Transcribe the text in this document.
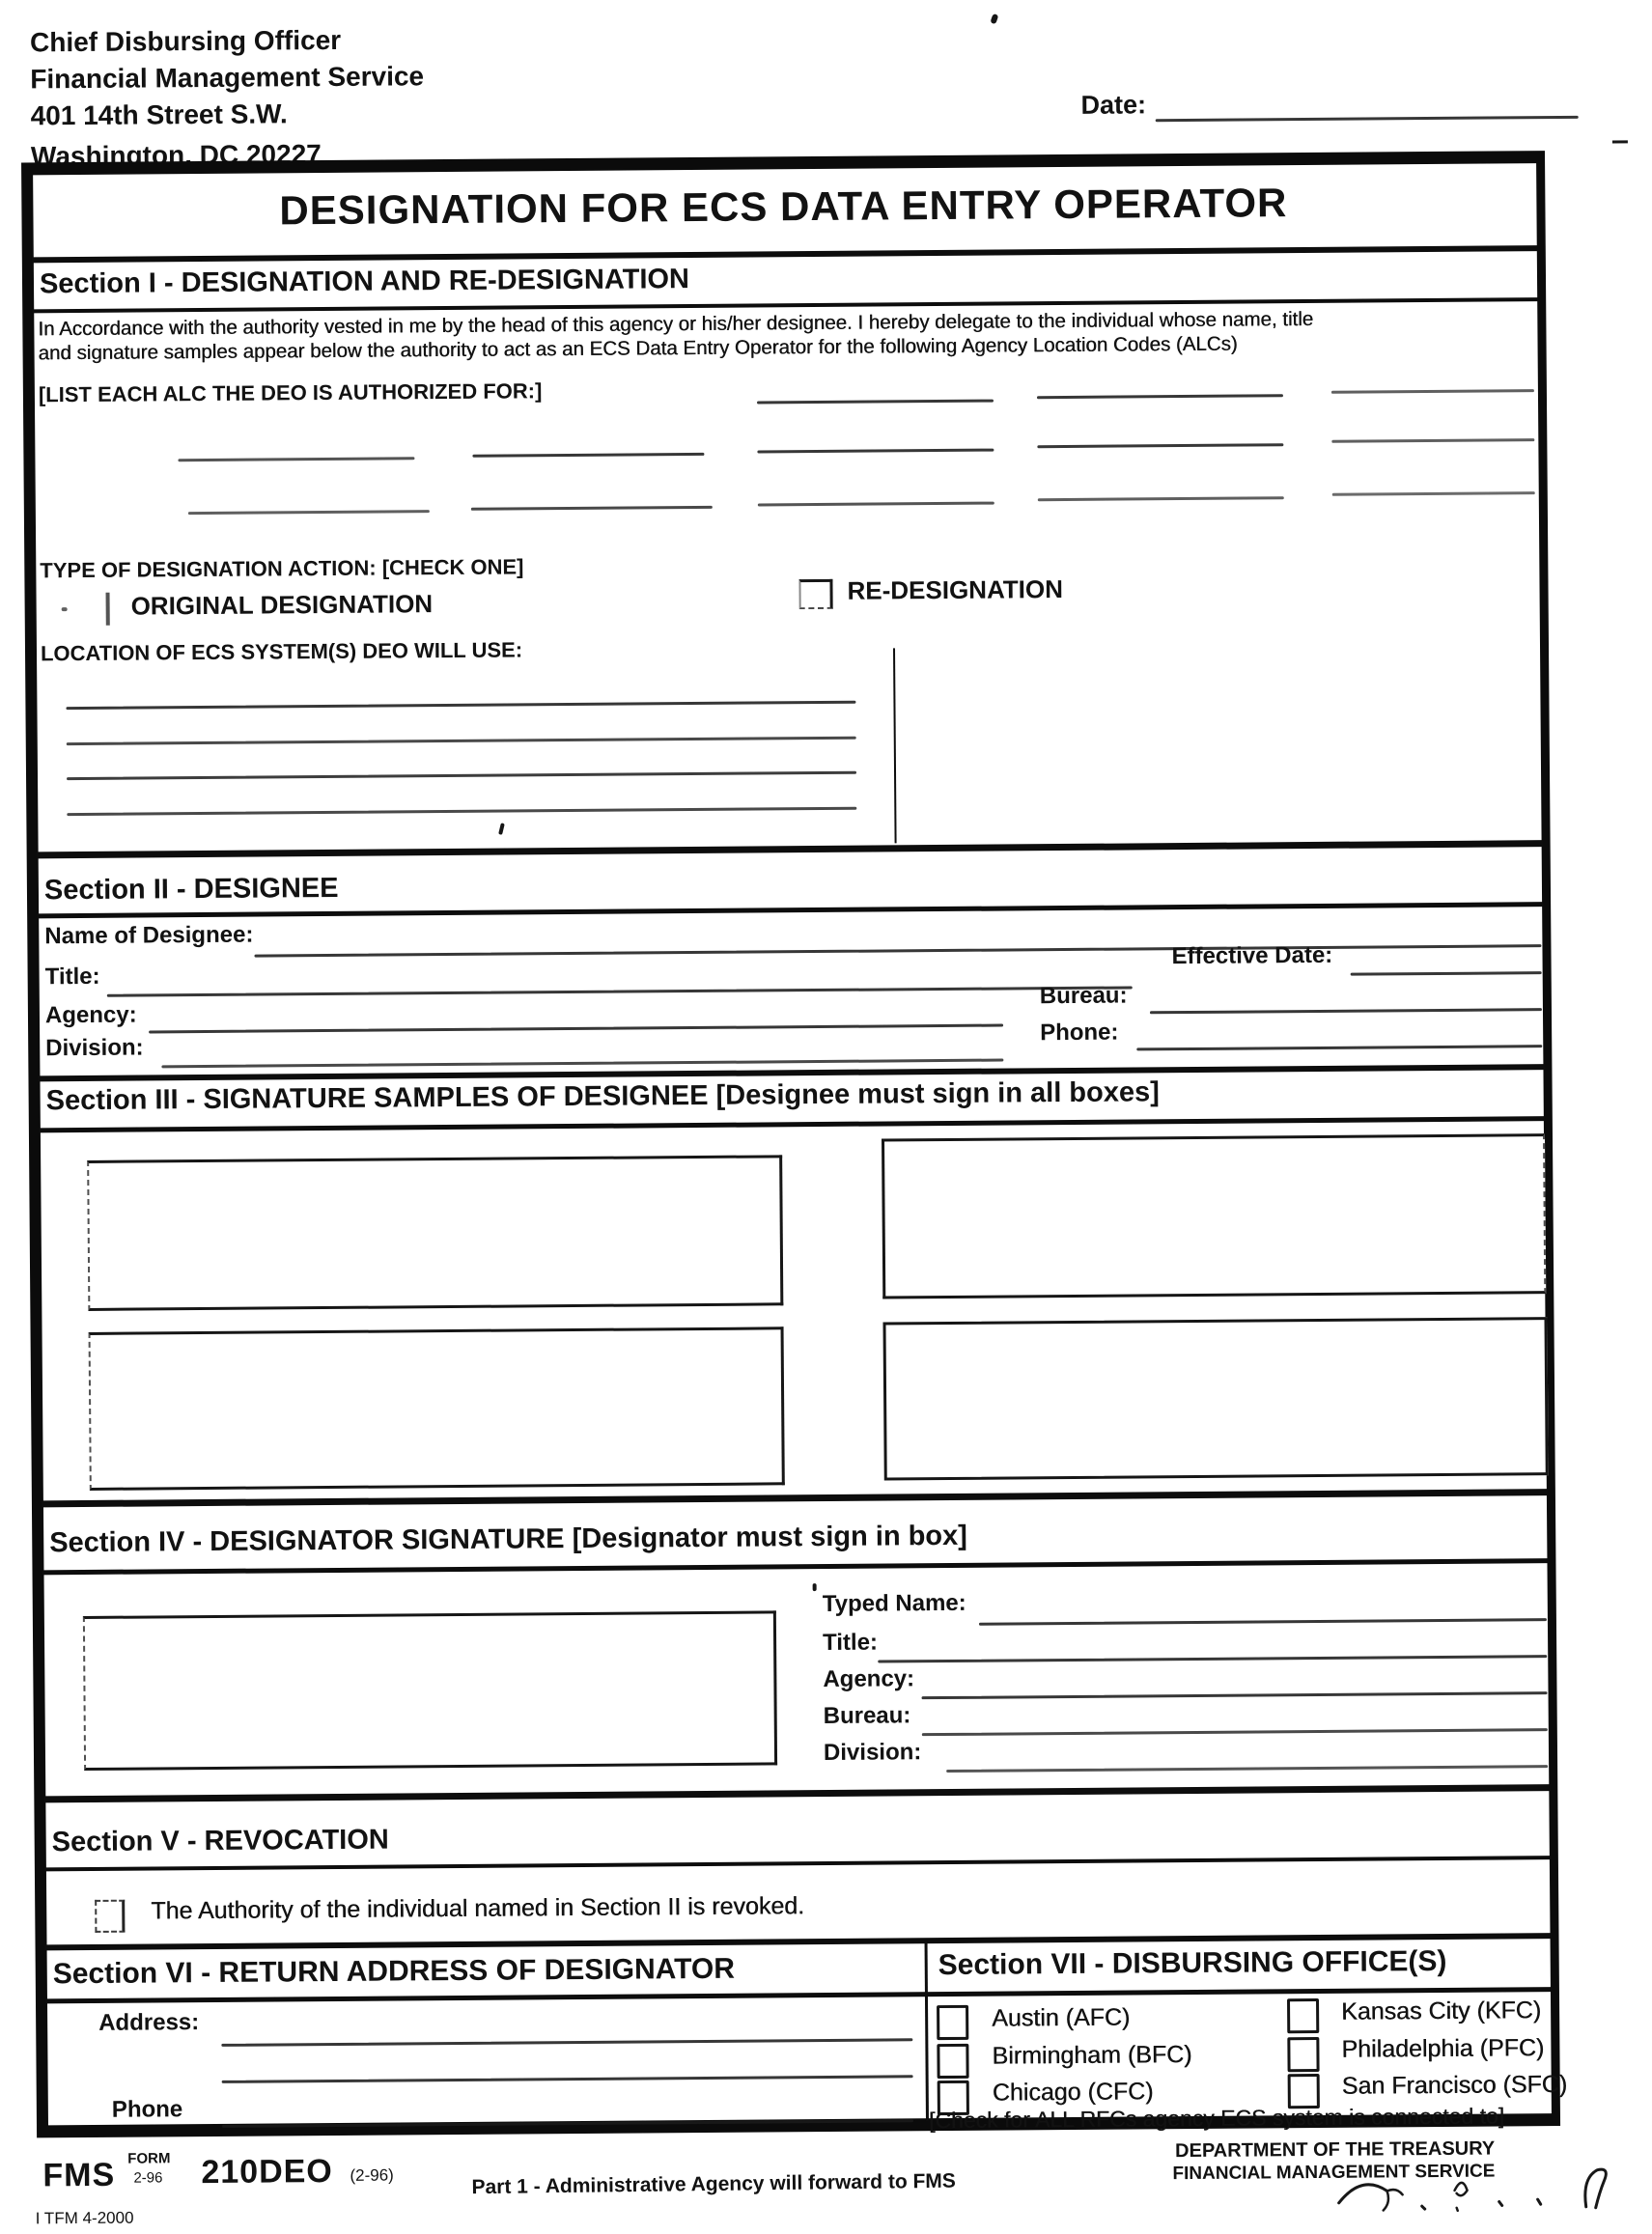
Chief Disbursing Officer
Financial Management Service
401 14th Street S.W.
Washington, DC 20227
Date:
DESIGNATION FOR ECS DATA ENTRY OPERATOR
Section I - DESIGNATION AND RE-DESIGNATION
In Accordance with the authority vested in me by the head of this agency or his/her designee. I hereby delegate to the individual whose name, title
and signature samples appear below the authority to act as an ECS Data Entry Operator for the following Agency Location Codes (ALCs)
[LIST EACH ALC THE DEO IS AUTHORIZED FOR:]
TYPE OF DESIGNATION ACTION: [CHECK ONE]
ORIGINAL DESIGNATION	RE-DESIGNATION
LOCATION OF ECS SYSTEM(S) DEO WILL USE:
Section II - DESIGNEE
Name of Designee:
Effective Date:
Title:
Bureau:
Agency:
Phone:
Division:
Section III - SIGNATURE SAMPLES OF DESIGNEE [Designee must sign in all boxes]
Section IV - DESIGNATOR SIGNATURE [Designator must sign in box]
Typed Name:
Title:
Agency:
Bureau:
Division:
Section V - REVOCATION
The Authority of the individual named in Section II is revoked.
Section VI - RETURN ADDRESS OF DESIGNATOR	Section VII - DISBURSING OFFICE(S)
Address:
Phone
Austin (AFC)	Kansas City (KFC)
Birmingham (BFC)	Philadelphia (PFC)
Chicago (CFC)	San Francisco (SFC)
[Check for ALL RFCs agency ECS system is connected to]
FMS FORM
2-96 210DEO (2-96)
I TFM 4-2000
Part 1 - Administrative Agency will forward to FMS
DEPARTMENT OF THE TREASURY
FINANCIAL MANAGEMENT SERVICE
